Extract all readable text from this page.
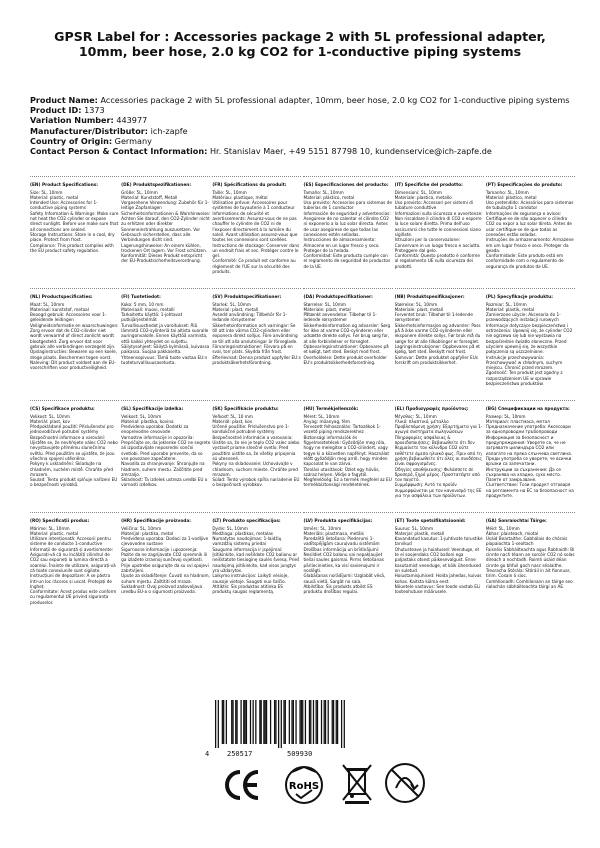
GPSR Label for : Accessories package 2 with 5L professional adapter, 10mm, beer hose, 2.0 kg CO2 for 1-conductive piping systems
Product Name: Accessories package 2 with 5L professional adapter, 10mm, beer hose, 2.0 kg CO2 for 1-conductive piping systems
Product ID: 1373
Variation Number: 443977
Manufacturer/Distributor: ich-zapfe
Country of Origin: Germany
Contact Person & Contact Information: Hr. Stanislav Maer, +49 5151 87798 10, kundenservice@ich-zapfe.de
(EN) Product Specifications:
Size: 5L, 10mm
Material: plastic, metal
Intended Use: Accessories for 1-conductive piping systems
Safety Information & Warnings: Make sure not heat the CO2 cylinder or expose direct sunlight. Before use make sure that all connections are sealed.
Storage Instructions: Store in a cool, dry place. Protect from frost.
Compliance: This product complies with the EU product safety regulation.
(DE) Produktspezifikationen:
Größe: 5L, 10mm
Material: Kunststoff, Metall
Vorgesehene Verwendung: Zubehör für 1-leitige Zapfanlagen
Sicherheitsinformationen & Warnhinweise: Achten Sie darauf, den CO2-Zylinder nicht zu erhitzen oder direkter Sonneneinstrahlung auszusetzen. Vor Gebrauch sicherstellen, dass alle Verbindungen dicht sind.
Lagerungshinweise: An einem kühlen, trockenen Ort lagern. Vor Frost schützen.
Konformität: Dieses Produkt entspricht der EU-Produktsicherheitsverordnung.
(FR) Spécifications du produit:
Taille: 5L, 10mm
Matériau: plastique, métal
Utilisation prévue: Accessoires pour systèmes de tuyauterie à 1 conducteur
Informations de sécurité et avertissements: Assurez-vous de ne pas chauffer le cylindre de CO2 ni de l'exposer directement à la lumière du soleil. Avant utilisation assurez-vous que toutes les connexions sont scellées.
Instructions de stockage: Conserver dans un endroit frais et sec. Protéger contre le gel.
Conformité: Ce produit est conforme au règlement de l'UE sur la sécurité des produits.
(ES) Especificaciones del producto:
Tamaño: 5L, 10mm
Material: plástico, metal
Uso previsto: Accesorios para sistemas de tuberías de 1 conductor
Información de seguridad y advertencias: Asegúrese de no calentar el cilindro CO2 ni exponerlo a la luz solar directa. Antes de usar asegúrese de que todas las conexiones estén selladas.
Instrucciones de almacenamiento: Almacene en un lugar fresco y seco. Proteger de la helada.
Conformidad: Este producto cumple con el reglamento de seguridad de productos de la UE.
(IT) Specifiche del prodotto:
Dimensioni: 5L, 10mm
Materiale: plastica, metallo
Uso previsto: Accessori per sistemi di tubature conduttive
Informazioni sulla sicurezza e avvertenze: Non riscaldare il cilindro di CO2 o esporre la luce solare diretta. Prima dell'uso assicurarsi che tutte le connessioni siano sigillate.
Istruzioni per la conservazione: Conservare in un luogo fresco e asciutto. Proteggere dal gelo.
Conformità: Questo prodotto è conforme al regolamento UE sulla sicurezza dei prodotti.
(PT) Especificações do produto:
Tamanho: 5L, 10mm
Material: plástico, metal
Uso pretendido: Acessórios para sistemas de tubulação 1 condutor
Informações de segurança e avisos: Certifique-se de não aquecer o cilindro CO2 ou expor a luz solar direta. Antes de usar certifique-se de que todas as conexões estão seladas.
Instruções de armazenamento: Armazene em um lugar fresco e seco. Proteger da geada.
Conformidade: Este produto está em conformidade com o regulamento de segurança de produtos da UE.
(NL) Productspecificaties:
Maat: 5L, 10mm
Materiaal: kunststof, metaal
Beoogd gebruik: Accessoires voor 1-geleidende leidingen
Veiligheidsinformatie en waarschuwingen: Zorg ervoor dat de CO2-cilinder niet wordt verwarmd of direct zonlicht wordt blootgesteld. Zorg ervoor dat voor gebruik alle verbindingen verzegeld zijn.
Opslaginstructies: Bewaren op een koele, droge plaats. Beschermen tegen vorst.
Naleving: Dit product voldoet aan de EU-voorschriften voor productveiligheid.
(FI) Tuotetiedot:
Koko: 5 mm, 10 mm
Materiaali: muovi, metalli
Tarkoitettu käyttö: 1-johtavat putkijärjestelmät
Turvallisuustiedot ja varoitukset: Älä lämmitä CO2-sylinteriä tai altista suoralle auringonvalolle. Ennen käyttöä varmista, että kaikki yhteydet on suljettu.
Säilytysohjeet: Säilytä kylmässä, kuivassa paikassa. Suojaa pakkaselta.
Yhteensopivuus: Tämä tuote vastaa EU:n tuoteturvallisuusasetusta.
(SV) Produktspecifikationer:
Storlek: 5L, 10mm
Material: plast, metall
Avsedd användning: Tillbehör för 1-ledande rörsystemer
Säkerhetsinformation och varningar: Se till att inte värma CO2-cylindern eller exponera direkt solljus. Före användning se till att alla anslutningar är förseglade.
Förvaringsinstruktioner: Förvara på en sval, torr plats. Skydda från frost.
Efterlevnad: Denna produkt uppfyller EU:s produktsäkerhetsförordning.
(DA) Produktspecifikationer:
Størrelse: 5L, 10mm
Materiale: plast, metal
Påtænkt anvendelse: Tilbehør til 1-ledende rørsystemer
Sikkerhedsinformation og advarsler: Sørg for ikke at varme CO2-cylinderen eller udsætte direkte sollys. Før brug sørg for, at alle forbindelser er forseglet.
Opbevaringsinstruktioner: Opbevares på et køligt, tørt sted. Beskyt mod frost.
Overholdelse: Dette produkt overholder EU's produktsikkerhedsforordning.
(NB) Produktspesifikasjoner:
Størrelse: 5L, 10mm
Materiale: plast, metall
Forventet bruk: Tilbehør til 1-ledende rørsystemer
Sikkerhetsinformasjon og advarsler: Pass på å ikke varme CO2-sylinderen eller eksponere direkte sollys. Før bruk må du sørge for at alle tilkoblinger er forseglet.
Lagringsinstruksjoner: Oppbevares på et kjølig, tørt sted. Beskytt mot frost.
Samsvar: Dette produktet oppfyller EUs forskrift om produktsikkerhet.
(PL) Specyfikacje produktu:
Rozmiar: 5L, 10mm
Materiał: plastik, metal
Zamierzone użycie: Akcesoria do 1-przewodzących instalacji rurowych
Informacje dotyczące bezpieczeństwa i ostrzeżenia: Upewnij się, że cylinder CO2 nie ogrzewa się lub nie wystawia na bezpośrednie światło słoneczne. Przed użyciem upewnij się, że wszystkie połączenia są uszczelnione.
Instrukcje przechowywania: Przechowywać w chłodnym, suchym miejscu. Chronić przed mrozem.
Zgodność: Ten produkt jest zgodny z rozporządzeniem UE w sprawie bezpieczeństwa produktów.
(CS) Specifikace produktu:
Velikost: 5L, 10mm
Materiál: plast, kov
Předpokládané použití: Příslušenství pro jednovodičové potrubní systémy
Bezpečnostní informace a varování: Ujistěte se, že nevhřejete válec CO2 nebo nevystavujete přímému slunečnímu světlu. Před použitím se ujistěte, že jsou všechna spojení utěsněna.
Pokyny k uskladnění: Skladujte na chladném, suchém místě. Chraňte před mrazem.
Soulad: Tento produkt splňuje nařízení EU o bezpečnosti výrobků.
(SL) Specifikacije izdelka:
Velikost: 5L, 10mm
Material: plastika, kovina
Predvidena uporaba: Dodatki za enoprevodne cevovode
Varnostne informacije in opozorila: Prepričajte se, da jeklenke CO2 ne segrete ali izpostavljate neposredni sončni svetlobi. Pred uporabo preverite, da so vse povezave zapečatene.
Navodila za shranjevanje: Shranjujte na hladnem, suhem mestu. Zaščitite pred zmrzaljo.
Skladnost: Ta izdelek ustreza uredbi EU o varnosti izdelkov.
(SK) Špecifikácie produktu:
Veľkosť: 5L, 10 mm
Materiál: plast, kov
Určené použitie: Príslušenstvo pre 1-kondukčné potrubné systémy
Bezpečnostné informácie a varovania: Uistite sa, že nie je teplo CO2 valec alebo vystaviť priame slnečné svetlo. Pred použitím uistite sa, že všetky pripojenia sú utesnené.
Pokyny na skladovanie: Uchovávajte v chladnom, suchom mieste. Chráňte pred mrazom.
Súlad: Tento výrobok spĺňa nariadenie EÚ o bezpečnosti výrobkov.
(HU) Termékjellemzők:
Méret: 5L, 10mm
Anyag: műanyag, fém
Tervezett felhasználás: Tartozékok 1-vezető piping rendszerekhez
Biztonsági információk és figyelmeztetések: Győződjön meg róla, hogy ne melegítse a CO2-cilindert, vagy tegye ki a közvetlen napfényt. Használat előtt győződjön meg arról, hogy minden kapcsolat le van zárva.
Tárolási utasítások: Üzlet egy hűvös, száraz helyen. Védje a fagytól.
Megfelelőség: Ez a termék megfelel az EU termékbiztonsági rendeletének.
(EL) Προδιαγραφές προϊόντος:
Μέγεθος: 5L, 10mm
Υλικό: πλαστικό, μέταλλο
Προβλεπόμενη χρήση: Εξαρτήματα για 1-αγωγά συστήματα σωληνώσεων
Πληροφορίες ασφάλειας & προειδοποιήσεις: Βεβαιωθείτε ότι δεν θερμαίνετε τον κύλινδρο CO2 ούτε εκθέτετε άμεσο ηλιακό φως. Πριν από τη χρήση βεβαιωθείτε ότι όλες οι συνδέσεις είναι σφραγισμένες.
Οδηγίες αποθήκευσης: Φυλάσσετε σε δροσερό, ξηρό μέρος. Προστατέψτε από τον παγετό.
Συμμόρφωση: Αυτό το προϊόν συμμορφώνεται με τον κανονισμό της ΕΕ για την ασφάλεια των προϊόντων.
(BG) Спецификации на продукта:
Размер: 5L, 10mm
Материал: пластмаса, метал
Предназначение употреба: Аксесоари за еднопроводни тръбопроводи
Информация за безопасност и предупреждения: Уверете се, че не загрявате цилиндъра CO2 или излагате на пряка слънчева светлина. Преди употреба се уверете, че всички връзки са запечатани.
Инструкции за съхранение: Да се съхранява на хладно, сухо място. Пазете от замръзване.
Съответствие: Този продукт отговаря на регламента на ЕС за безопасност на продуктите.
(RO) Specificații produs:
Mărime: 5L, 10mm
Material: plastic, metal
Utilizare intenționată: Accesorii pentru sisteme de conducte 1-conductive
Informații de siguranță și avertismente: Asigurați-vă că nu încălziți cilindrul de CO2 sau expuneți la lumina directă a soarelui. Înainte de utilizare, asigurați-vă că toate conexiunile sunt sigilate.
Instrucțiuni de depozitare: A se păstra într-un loc răcoros și uscat. Protejați de îngheț.
Conformitate: Acest produs este conform cu regulamentul UE privind siguranța produselor.
(HR) Specifikacije proizvoda:
Veličina: 5L, 10mm
Materijal: plastika, metal
Predviđena uporaba: Dodaci za 1-vodljive cjevovodne sustave
Sigurnosne informacije i upozorenja: Pazite da ne zagrijavate CO2 spremnik ili ga izlažete izravnoj sunčevoj svjetlosti. Prije upotrebe osigurajte da su svi spojevi zabrtvljeni.
Upute za skladištenje: Čuvati na hladnom, suhom mjestu. Zaštititi od mraza.
Sukladnost: Ovaj proizvod zadovoljava uredbu EU-a o sigurnosti proizvoda.
(LT) Produkto specifikacijos:
Dydis: 5L, 10mm
Medžiaga: plastikas, metalas
Numatytas naudojimas: 1-laidžių vamzdžių sistemų priedai
Saugumo informacija ir įspėjimai: Įsitikinkite, kad nešildote CO2 balionu ar neišstatote tiesioginę saulės šviesą. Prieš naudojimą įsitikinkite, kad visos jungtys yra uždarytos.
Laikymo instrukcijos: Laikyti vėsioje, sausoje vietoje. Saugoti nuo šalčio.
Atitiktis: Šis produktas atitinka ES produktų saugos reglamentą.
(LV) Produkta specifikācijas:
Izmērs: 5L, 10mm
Materiāls: plastmasa, metāls
Paredzētā lietošana: Piederumi 1-vadītspējīgām cauruļvadu sistēmām
Drošības informācija un brīdinājumi: Nesildiet CO2 balonu vai nepakļaujiet tiešai saules gaismai. Pirms lietošanas pārliecinieties, ka visi savienojumi ir noslēgti.
Glabāšanas norādījumi: Uzglabāt vēsā, sausā vietā. Sargāt no sala.
Atbilstība: Šis produkts atbilst ES produktu drošības regulai.
(ET) Toote spetsifikatsioonid:
Suurus: 5L, 10mm
Materjal: plastik, metall
Kavandatud kasutus: 1-juhtivate torustike tarvikud
Ohutusteave ja hoiatused: Veenduge, et te ei soojendaks CO2 balloni ega paljastaks otsest päikesevalgust. Enne kasutamist veenduge, et kõik ühendused on suletud.
Hoiustamisjuhised: Hoida jahedas, kuivas kohas. Kaitsta külma eest.
Nõuetele vastavus: See toode vastab ELi tooteohutuse määrusele.
(GA) Sonraíochtaí Táirge:
Méid: 5L, 10mm
Ábhar: plaisteach, miotal
Úsáid Beartaithe: Gabhálais do chórais píopaíochta 1-seoltach
Faisnéis Sábháilteachta agus Rabhaidh: Bí cinnte nach téann an sorcóir CO2 nó solas díreach a nochtadh. Roimh úsáid déan cinnte go bhfuil gach nasc séalaithe.
Treoracha Stórála: Stóráil in áit fionnuar, tirim. Cosain ó sioc.
Comhlíonadh: Comhlíonann an táirge seo rialachán sábháilteachta táirgí an AE.
4	250517	509930
RoHS
